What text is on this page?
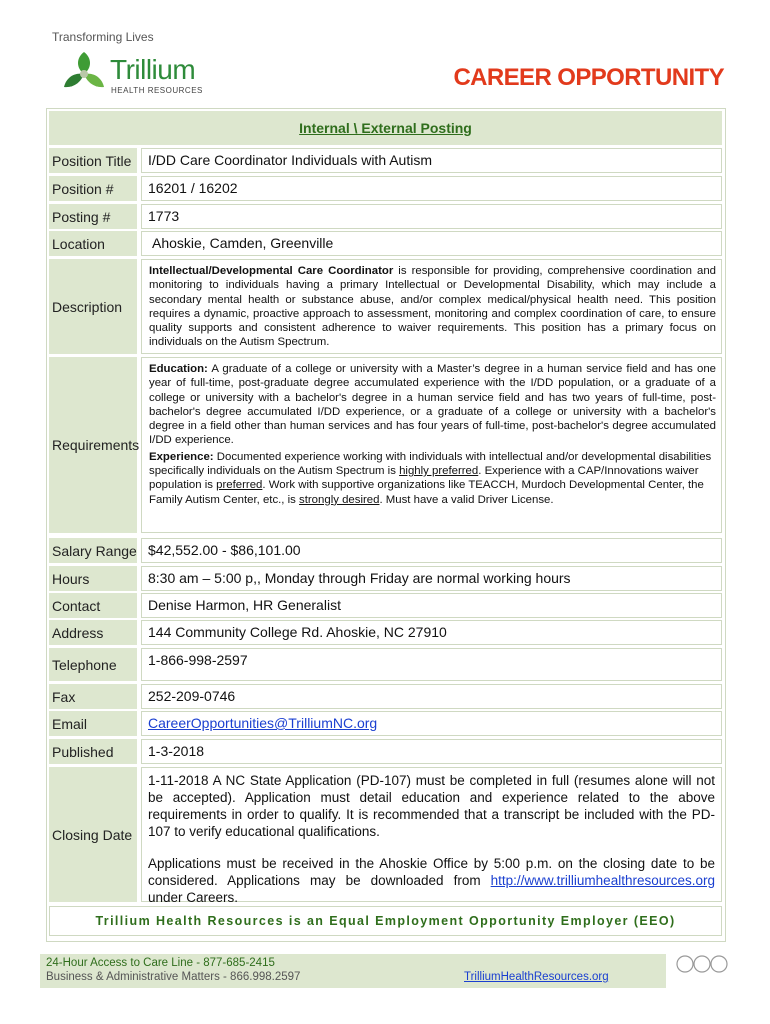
Transforming Lives
Trillium
HEALTH RESOURCES	CAREER OPPORTUNITY
Internal \ External Posting
Position Title	I/DD Care Coordinator Individuals with Autism
Position #	16201 / 16202
Posting #	1773
Location	Ahoskie, Camden, Greenville
Description
Intellectual/Developmental Care Coordinator is responsible for providing, comprehensive coordination and monitoring to individuals having a primary Intellectual or Developmental Disability, which may include a secondary mental health or substance abuse, and/or complex medical/physical health need. This position requires a dynamic, proactive approach to assessment, monitoring and complex coordination of care, to ensure quality supports and consistent adherence to waiver requirements. This position has a primary focus on individuals on the Autism Spectrum.
Requirements
Education: A graduate of a college or university with a Master’s degree in a human service field and has one year of full-time, post-graduate degree accumulated experience with the I/DD population, or a graduate of a college or university with a bachelor's degree in a human service field and has two years of full-time, post-bachelor's degree accumulated I/DD experience, or a graduate of a college or university with a bachelor's degree in a field other than human services and has four years of full-time, post-bachelor's degree accumulated I/DD experience.
Experience: Documented experience working with individuals with intellectual and/or developmental disabilities specifically individuals on the Autism Spectrum is highly preferred. Experience with a CAP/Innovations waiver population is preferred. Work with supportive organizations like TEACCH, Murdoch Developmental Center, the Family Autism Center, etc., is strongly desired. Must have a valid Driver License.
Salary Range $42,552.00 - $86,101.00
Hours	8:30 am – 5:00 p,, Monday through Friday are normal working hours
Contact	Denise Harmon, HR Generalist
Address	144 Community College Rd. Ahoskie, NC 27910
Telephone	1-866-998-2597
Fax	252-209-0746
Email	CareerOpportunities@TrilliumNC.org
Published	1-3-2018
Closing Date
1-11-2018 A NC State Application (PD-107) must be completed in full (resumes alone will not be accepted). Application must detail education and experience related to the above requirements in order to qualify. It is recommended that a transcript be included with the PD-107 to verify educational qualifications.
Applications must be received in the Ahoskie Office by 5:00 p.m. on the closing date to be considered. Applications may be downloaded from http://www.trilliumhealthresources.org under Careers.
Trillium Health Resources is an Equal Employment Opportunity Employer (EEO)
24-Hour Access to Care Line - 877-685-2415
Business & Administrative Matters - 866.998.2597	TrilliumHealthResources.org
